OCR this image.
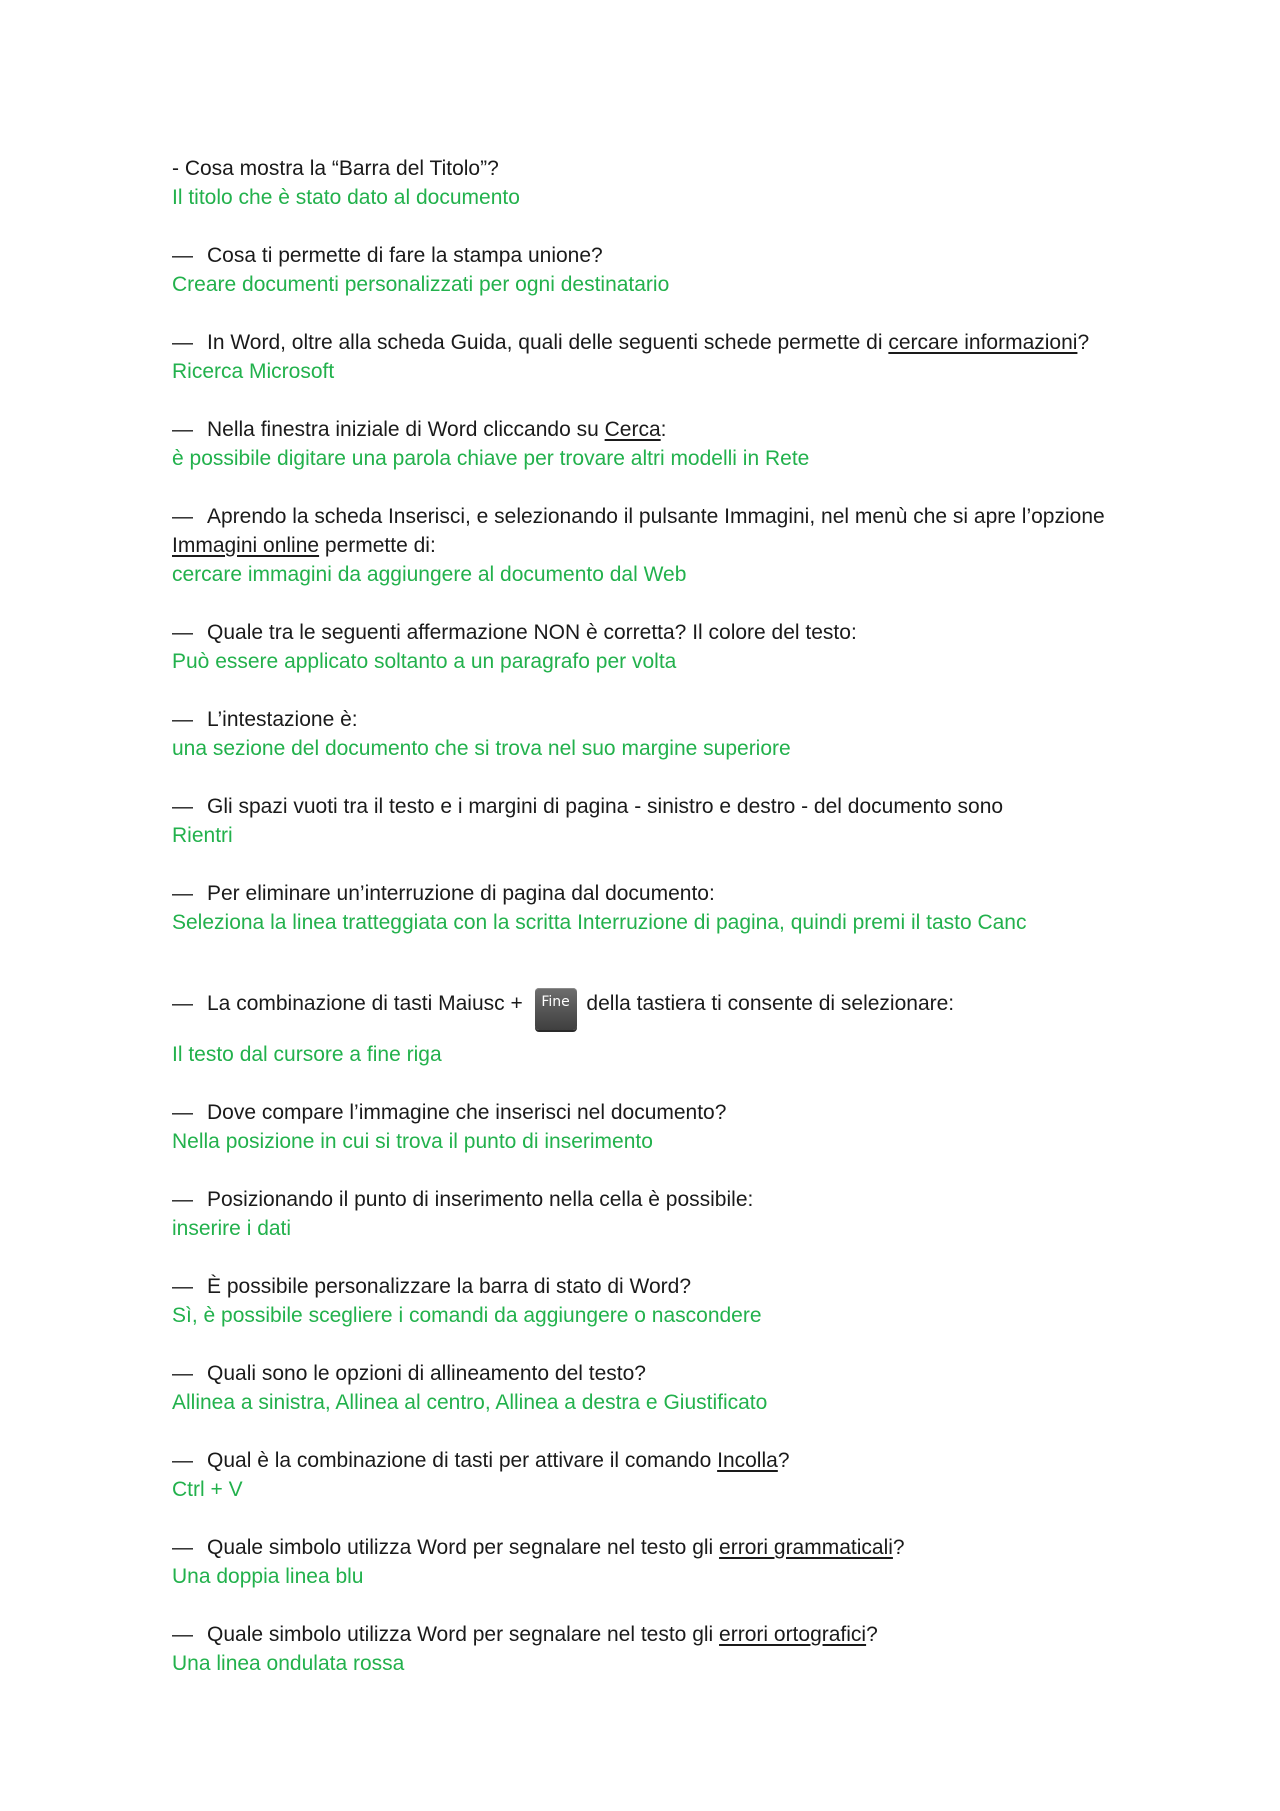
- Cosa mostra la “Barra del Titolo”?
Il titolo che è stato dato al documento
— Cosa ti permette di fare la stampa unione?
Creare documenti personalizzati per ogni destinatario
— In Word, oltre alla scheda Guida, quali delle seguenti schede permette di cercare informazioni?
Ricerca Microsoft
— Nella finestra iniziale di Word cliccando su Cerca:
è possibile digitare una parola chiave per trovare altri modelli in Rete
— Aprendo la scheda Inserisci, e selezionando il pulsante Immagini, nel menù che si apre l’opzione
Immagini online permette di:
cercare immagini da aggiungere al documento dal Web
— Quale tra le seguenti affermazione NON è corretta? Il colore del testo:
Può essere applicato soltanto a un paragrafo per volta
— L’intestazione è:
una sezione del documento che si trova nel suo margine superiore
— Gli spazi vuoti tra il testo e i margini di pagina - sinistro e destro - del documento sono
Rientri
— Per eliminare un’interruzione di pagina dal documento:
Seleziona la linea tratteggiata con la scritta Interruzione di pagina, quindi premi il tasto Canc
— La combinazione di tasti Maiusc + Fine della tastiera ti consente di selezionare:
Il testo dal cursore a fine riga
— Dove compare l’immagine che inserisci nel documento?
Nella posizione in cui si trova il punto di inserimento
— Posizionando il punto di inserimento nella cella è possibile:
inserire i dati
— È possibile personalizzare la barra di stato di Word?
Sì, è possibile scegliere i comandi da aggiungere o nascondere
— Quali sono le opzioni di allineamento del testo?
Allinea a sinistra, Allinea al centro, Allinea a destra e Giustificato
— Qual è la combinazione di tasti per attivare il comando Incolla?
Ctrl + V
— Quale simbolo utilizza Word per segnalare nel testo gli errori grammaticali?
Una doppia linea blu
— Quale simbolo utilizza Word per segnalare nel testo gli errori ortografici?
Una linea ondulata rossa
